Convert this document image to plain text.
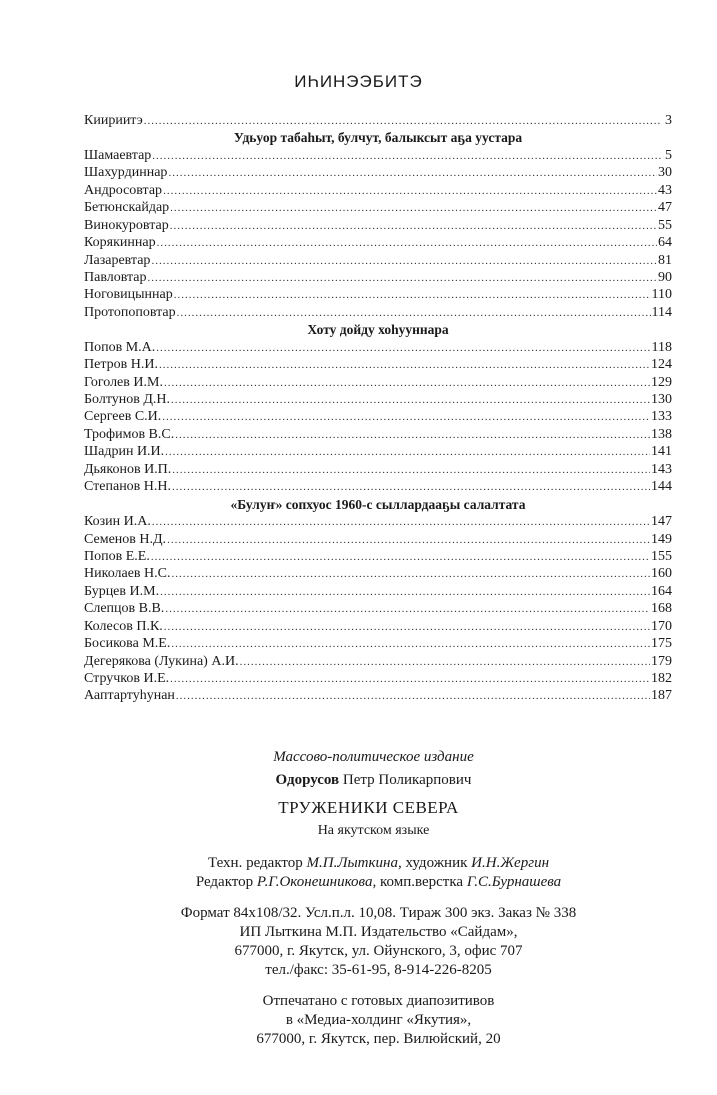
ИҺИНЭЭБИТЭ
Киириитэ .....	3
Удьуор табаһыт, булчут, балыксыт аҕа уустара
Шамаевтар .....	5
Шахурдиннар .....	30
Андросовтар .....	43
Бетюнскайдар .....	47
Винокуровтар .....	55
Корякиннар .....	64
Лазаревтар .....	81
Павловтар .....	90
Ноговицыннар .....	110
Протопоповтар .....	114
Хоту дойду хоһууннара
Попов М.А. .....	118
Петров Н.И. .....	124
Гоголев И.М. .....	129
Болтунов Д.Н. .....	130
Сергеев С.И. .....	133
Трофимов В.С. .....	138
Шадрин И.И. .....	141
Дьяконов И.П. .....	143
Степанов Н.Н. .....	144
«Булуҥ» сопхуос 1960-с сыллардааҕы салалтата
Козин И.А. .....	147
Семенов Н.Д. .....	149
Попов Е.Е. .....	155
Николаев Н.С. .....	160
Бурцев И.М. .....	164
Слепцов В.В. .....	168
Колесов П.К. .....	170
Босикова М.Е. .....	175
Дегерякова (Лукина) А.И. .....	179
Стручков И.Е. .....	182
Ааптартуһунан .....	187
Массово-политическое издание
Одорусов Петр Поликарпович
ТРУЖЕНИКИ СЕВЕРА
На якутском языке
Техн. редактор М.П.Лыткина, художник И.Н.Жергин
Редактор Р.Г.Оконешникова, комп.верстка Г.С.Бурнашева
Формат 84x108/32. Усл.п.л. 10,08. Тираж 300 экз. Заказ № 338
ИП Лыткина М.П. Издательство «Сайдам»,
677000, г. Якутск, ул. Ойунского, 3, офис 707
тел./факс: 35-61-95, 8-914-226-8205
Отпечатано с готовых диапозитивов
в «Медиа-холдинг «Якутия»,
677000, г. Якутск, пер. Вилюйский, 20
